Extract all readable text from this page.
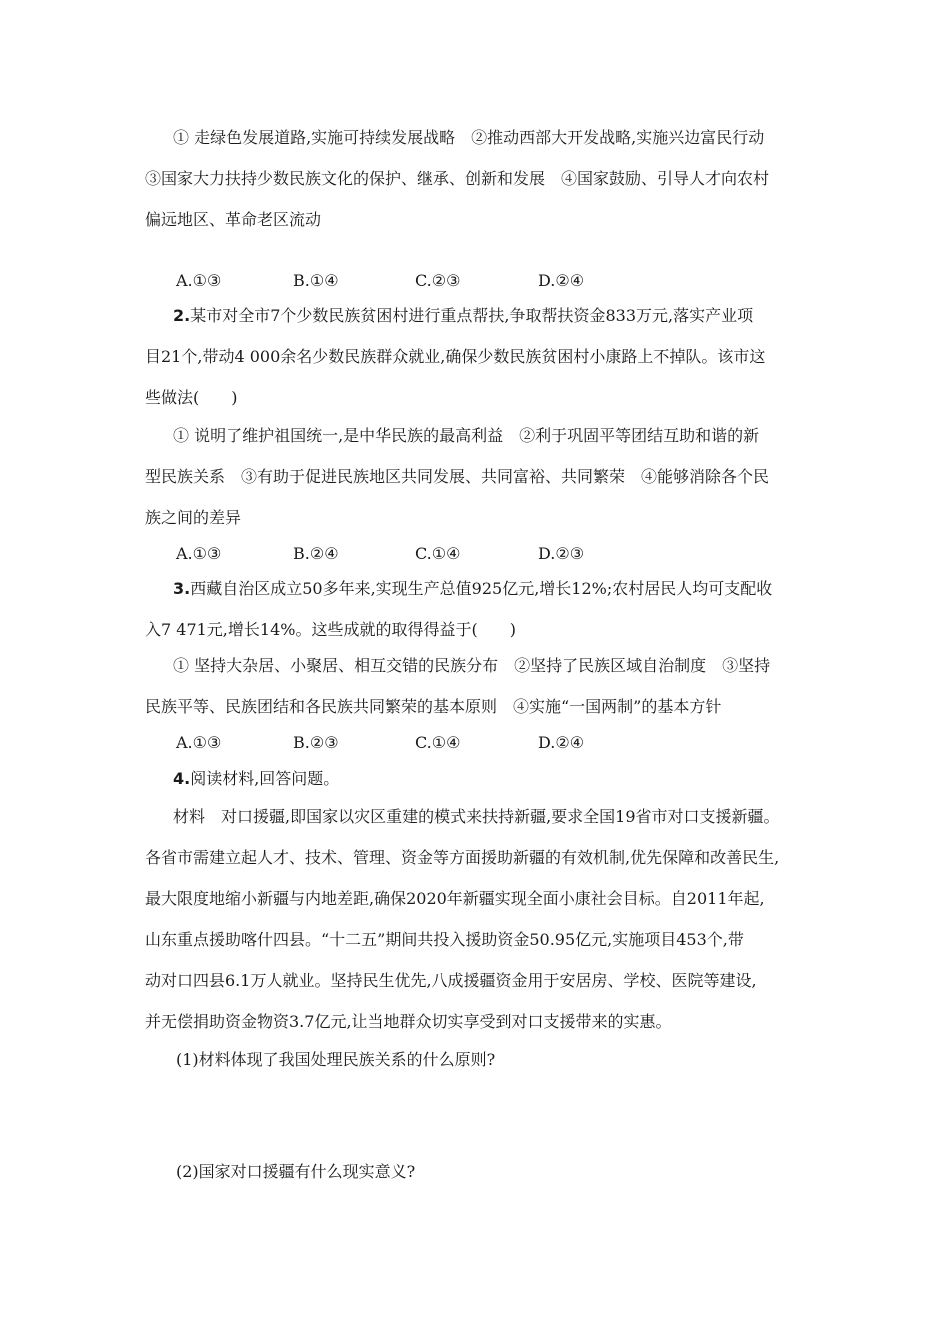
① 走绿色发展道路,实施可持续发展战略　②推动西部大开发战略,实施兴边富民行动
③国家大力扶持少数民族文化的保护、继承、创新和发展　④国家鼓励、引导人才向农村
偏远地区、革命老区流动
A.①③	B.①④	C.②③	D.②④
2.某市对全市7个少数民族贫困村进行重点帮扶,争取帮扶资金833万元,落实产业项
目21个,带动4 000余名少数民族群众就业,确保少数民族贫困村小康路上不掉队。该市这
些做法(　　)
① 说明了维护祖国统一,是中华民族的最高利益　②利于巩固平等团结互助和谐的新
型民族关系　③有助于促进民族地区共同发展、共同富裕、共同繁荣　④能够消除各个民
族之间的差异
A.①③	B.②④	C.①④	D.②③
3.西藏自治区成立50多年来,实现生产总值925亿元,增长12%;农村居民人均可支配收
入7 471元,增长14%。这些成就的取得得益于(　　)
① 坚持大杂居、小聚居、相互交错的民族分布　②坚持了民族区域自治制度　③坚持
民族平等、民族团结和各民族共同繁荣的基本原则　④实施“一国两制”的基本方针
A.①③	B.②③	C.①④	D.②④
4.阅读材料,回答问题。
材料　对口援疆,即国家以灾区重建的模式来扶持新疆,要求全国19省市对口支援新疆。
各省市需建立起人才、技术、管理、资金等方面援助新疆的有效机制,优先保障和改善民生,
最大限度地缩小新疆与内地差距,确保2020年新疆实现全面小康社会目标。自2011年起,
山东重点援助喀什四县。“十二五”期间共投入援助资金50.95亿元,实施项目453个,带
动对口四县6.1万人就业。坚持民生优先,八成援疆资金用于安居房、学校、医院等建设,
并无偿捐助资金物资3.7亿元,让当地群众切实享受到对口支援带来的实惠。
(1)材料体现了我国处理民族关系的什么原则?
(2)国家对口援疆有什么现实意义?
